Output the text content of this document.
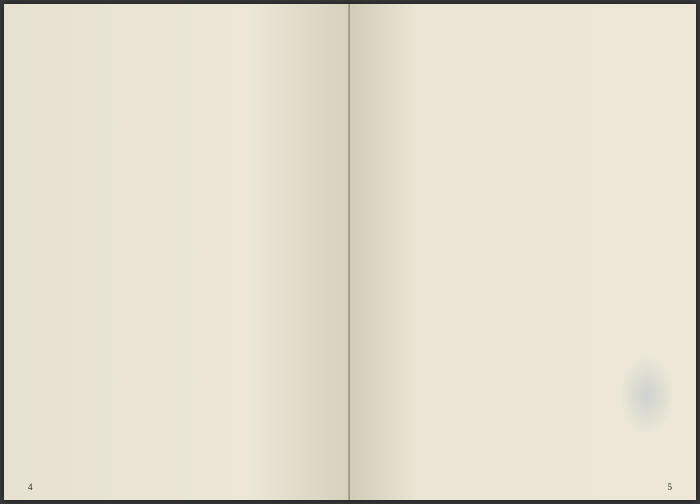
4	5
